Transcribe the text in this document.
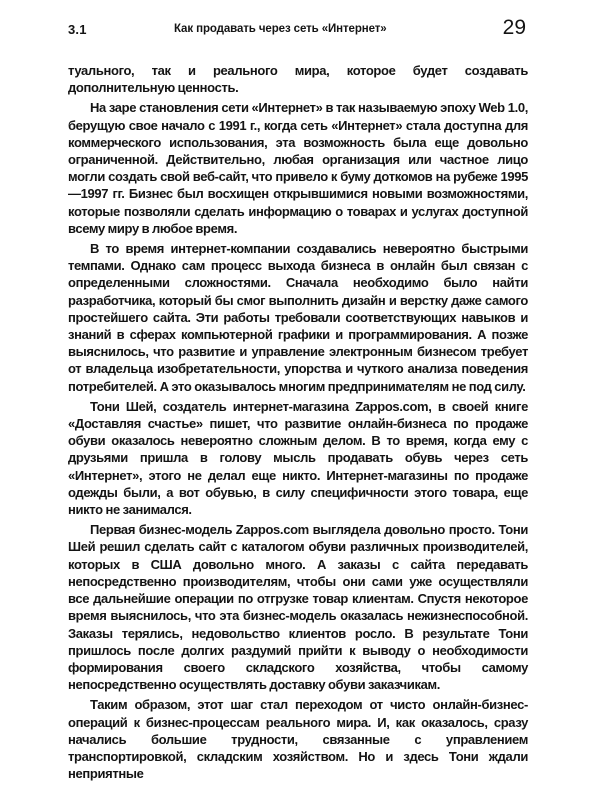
3.1	Как продавать через сеть «Интернет»	29

туального, так и реального мира, которое будет создавать дополнительную ценность.

На заре становления сети «Интернет» в так называемую эпоху Web 1.0, берущую свое начало с 1991 г., когда сеть «Интернет» стала доступна для коммерческого использования, эта возможность была еще довольно ограниченной. Действительно, любая организация или частное лицо могли создать свой веб-сайт, что привело к буму доткомов на рубеже 1995—1997 гг. Бизнес был восхищен открывшимися новыми возможностями, которые позволяли сделать информацию о товарах и услугах доступной всему миру в любое время.

В то время интернет-компании создавались невероятно быстрыми темпами. Однако сам процесс выхода бизнеса в онлайн был связан с определенными сложностями. Сначала необходимо было найти разработчика, который бы смог выполнить дизайн и верстку даже самого простейшего сайта. Эти работы требовали соответствующих навыков и знаний в сферах компьютерной графики и программирования. А позже выяснилось, что развитие и управление электронным бизнесом требует от владельца изобретательности, упорства и чуткого анализа поведения потребителей. А это оказывалось многим предпринимателям не под силу.

Тони Шей, создатель интернет-магазина Zappos.com, в своей книге «Доставляя счастье» пишет, что развитие онлайн-бизнеса по продаже обуви оказалось невероятно сложным делом. В то время, когда ему с друзьями пришла в голову мысль продавать обувь через сеть «Интернет», этого не делал еще никто. Интернет-магазины по продаже одежды были, а вот обувью, в силу специфичности этого товара, еще никто не занимался.

Первая бизнес-модель Zappos.com выглядела довольно просто. Тони Шей решил сделать сайт с каталогом обуви различных производителей, которых в США довольно много. А заказы с сайта передавать непосредственно производителям, чтобы они сами уже осуществляли все дальнейшие операции по отгрузке товар клиентам. Спустя некоторое время выяснилось, что эта бизнес-модель оказалась нежизнеспособной. Заказы терялись, недовольство клиентов росло. В результате Тони пришлось после долгих раздумий прийти к выводу о необходимости формирования своего складского хозяйства, чтобы самому непосредственно осуществлять доставку обуви заказчикам.

Таким образом, этот шаг стал переходом от чисто онлайн-бизнес-операций к бизнес-процессам реального мира. И, как оказалось, сразу начались большие трудности, связанные с управлением транспортировкой, складским хозяйством. Но и здесь Тони ждали неприятные
